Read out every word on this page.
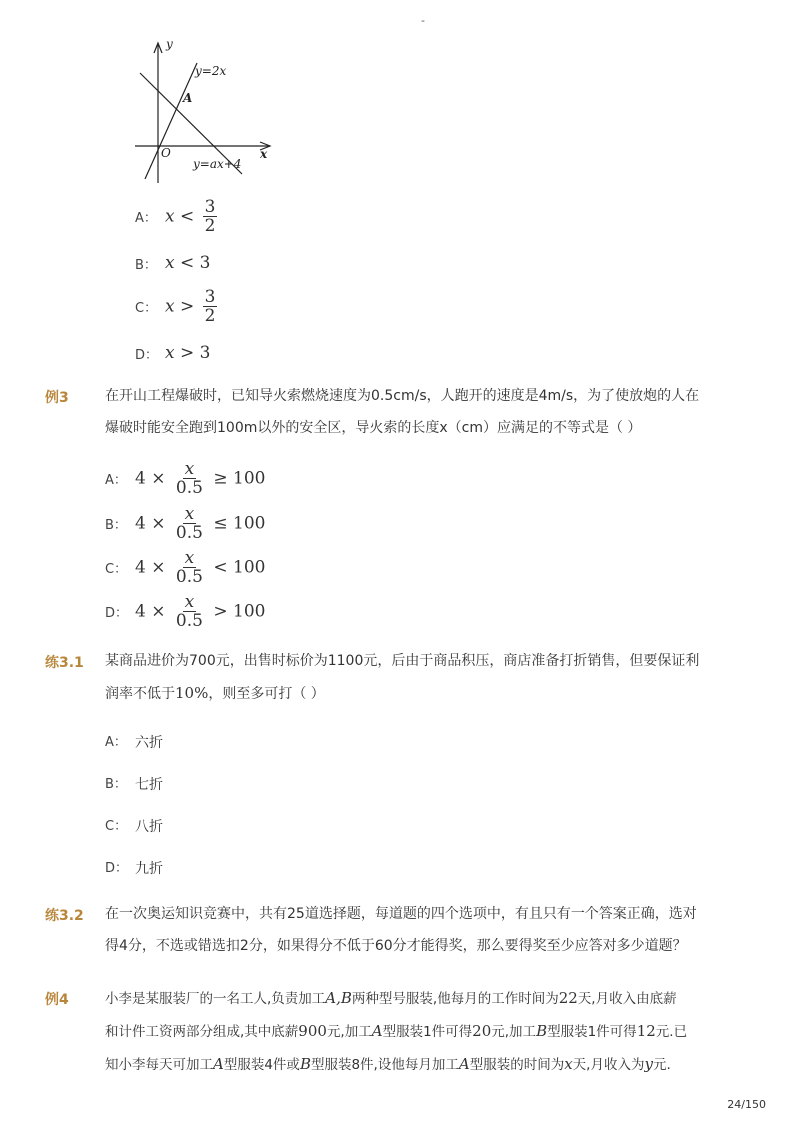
-
y
x
O
y=2x
A
y=ax+4
A： $x < \frac{3}{2}$
B： x < 3
C： $x > \frac{3}{2}$
D： x > 3
例3	在开山工程爆破时，已知导火索燃烧速度为0.5cm/s，人跑开的速度是4m/s，为了使放炮的人在
爆破时能安全跑到100m以外的安全区，导火索的长度x（cm）应满足的不等式是（ ）
A： $4 \times \frac{x}{0.5} \ge 100$
B： $4 \times \frac{x}{0.5} \le 100$
C： $4 \times \frac{x}{0.5} < 100$
D： $4 \times \frac{x}{0.5} > 100$
练3.1 某商品进价为700元，出售时标价为1100元，后由于商品积压，商店准备打折销售，但要保证利
润率不低于10%，则至多可打（ ）
A： 六折
B： 七折
C： 八折
D： 九折
练3.2 在一次奥运知识竞赛中，共有25道选择题，每道题的四个选项中，有且只有一个答案正确，选对
得4分，不选或错选扣2分，如果得分不低于60分才能得奖，那么要得奖至少应答对多少道题？
例4	小李是某服装厂的一名工人,负责加工A,B两种型号服装,他每月的工作时间为22天,月收入由底薪
和计件工资两部分组成,其中底薪900元,加工A型服装1件可得20元,加工B型服装1件可得12元.已
知小李每天可加工A型服装4件或B型服装8件,设他每月加工A型服装的时间为x天,月收入为y元.
24/150
